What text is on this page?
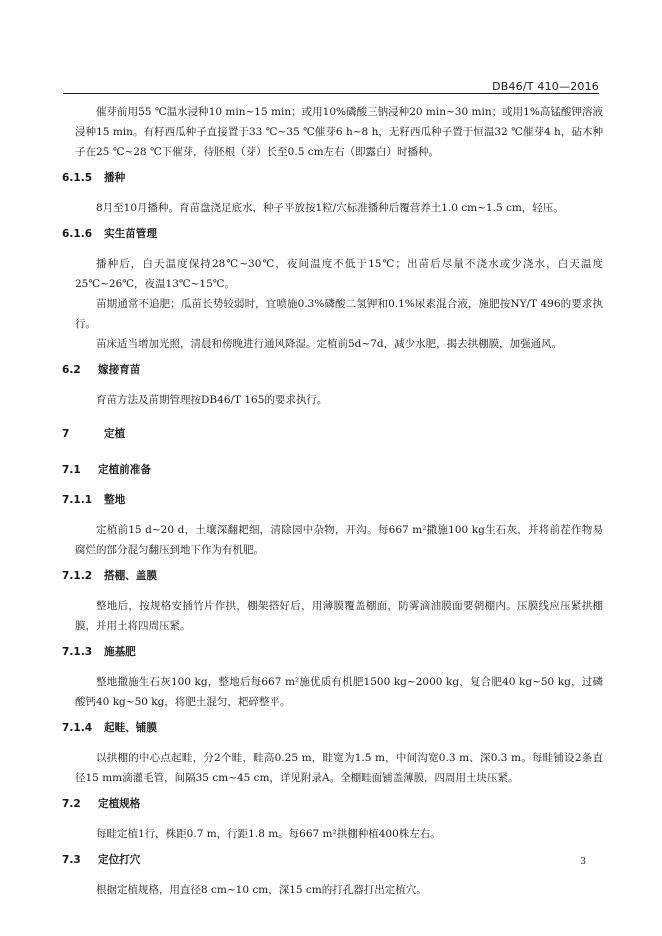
DB46/T 410—2016

催芽前用55 ℃温水浸种10 min~15 min；或用10%磷酸三钠浸种20 min~30 min；或用1%高锰酸钾溶液浸种15 min。有籽西瓜种子直接置于33 ℃~35 ℃催芽6 h~8 h，无籽西瓜种子置于恒温32 ℃催芽4 h，砧木种子在25 ℃~28 ℃下催芽，待胚根（芽）长至0.5 cm左右（即露白）时播种。

6.1.5 播种

8月至10月播种。育苗盘浇足底水，种子平放按1粒/穴标准播种后覆营养土1.0 cm~1.5 cm，轻压。

6.1.6 实生苗管理

播种后，白天温度保持28℃~30℃，夜间温度不低于15℃；出苗后尽量不浇水或少浇水，白天温度25℃~26℃，夜温13℃~15℃。

苗期通常不追肥；瓜苗长势较弱时，宜喷施0.3%磷酸二氢钾和0.1%尿素混合液，施肥按NY/T 496的要求执行。

苗床适当增加光照，清晨和傍晚进行通风降湿。定植前5d~7d，减少水肥，揭去拱棚膜，加强通风。

6.2 嫁接育苗

育苗方法及苗期管理按DB46/T 165的要求执行。

7	定植
7.1 定植前准备
7.1.1 整地

定植前15 d~20 d，土壤深翻耙细，清除园中杂物，开沟。每667 m²撒施100 kg生石灰，并将前茬作物易腐烂的部分混匀翻压到地下作为有机肥。

7.1.2 搭棚、盖膜

整地后，按规格安插竹片作拱，棚架搭好后，用薄膜覆盖棚面，防雾滴油膜面要朝棚内。压膜线应压紧拱棚膜，并用土将四周压紧。

7.1.3 施基肥

整地撒施生石灰100 kg，整地后每667 m²施优质有机肥1500 kg~2000 kg，复合肥40 kg~50 kg，过磷酸钙40 kg~50 kg，将肥土混匀，耙碎整平。

7.1.4 起畦、铺膜

以拱棚的中心点起畦，分2个畦，畦高0.25 m，畦宽为1.5 m，中间沟宽0.3 m、深0.3 m。每畦铺设2条直径15 mm滴灌毛管，间隔35 cm~45 cm，详见附录A。全棚畦面铺盖薄膜，四周用土块压紧。

7.2 定植规格

每畦定植1行，株距0.7 m，行距1.8 m。每667 m²拱棚种植400株左右。

7.3 定位打穴

根据定植规格，用直径8 cm~10 cm，深15 cm的打孔器打出定植穴。

3
